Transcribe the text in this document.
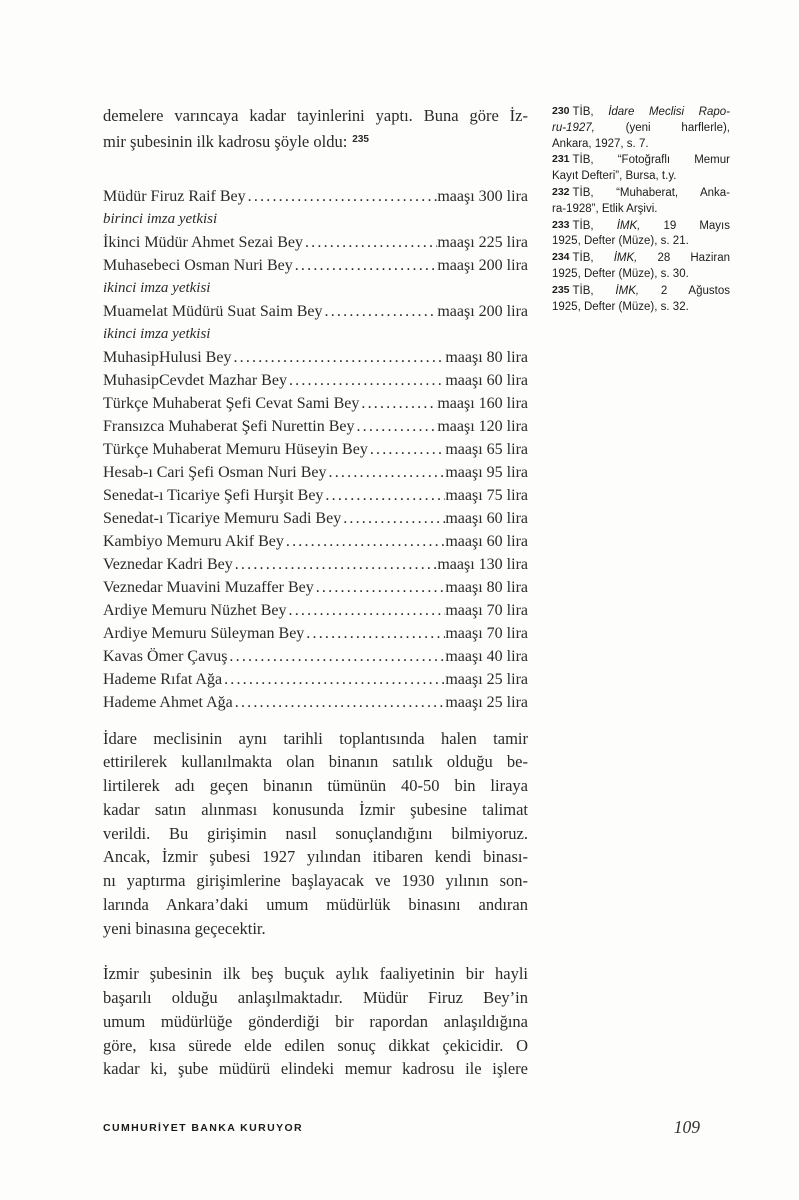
demelere varıncaya kadar tayinlerini yaptı. Buna göre İz-
mir şubesinin ilk kadrosu şöyle oldu: $^{235}$
Müdür Firuz Raif Bey .....	maaşı 300 lira
birinci imza yetkisi
İkinci Müdür Ahmet Sezai Bey .....	maaşı 225 lira
Muhasebeci Osman Nuri Bey .....	maaşı 200 lira
ikinci imza yetkisi
Muamelat Müdürü Suat Saim Bey .....	maaşı 200 lira
ikinci imza yetkisi
MuhasipHulusi Bey .....	maaşı 80 lira
MuhasipCevdet Mazhar Bey .....	maaşı 60 lira
Türkçe Muhaberat Şefi Cevat Sami Bey .....	maaşı 160 lira
Fransızca Muhaberat Şefi Nurettin Bey .....	maaşı 120 lira
Türkçe Muhaberat Memuru Hüseyin Bey .....	maaşı 65 lira
Hesab-ı Cari Şefi Osman Nuri Bey .....	maaşı 95 lira
Senedat-ı Ticariye Şefi Hurşit Bey .....	maaşı 75 lira
Senedat-ı Ticariye Memuru Sadi Bey .....	maaşı 60 lira
Kambiyo Memuru Akif Bey .....	maaşı 60 lira
Veznedar Kadri Bey .....	maaşı 130 lira
Veznedar Muavini Muzaffer Bey .....	maaşı 80 lira
Ardiye Memuru Nüzhet Bey .....	maaşı 70 lira
Ardiye Memuru Süleyman Bey .....	maaşı 70 lira
Kavas Ömer Çavuş .....	maaşı 40 lira
Hademe Rıfat Ağa .....	maaşı 25 lira
Hademe Ahmet Ağa .....	maaşı 25 lira
İdare meclisinin aynı tarihli toplantısında halen tamir
ettirilerek kullanılmakta olan binanın satılık olduğu be-
lirtilerek adı geçen binanın tümünün 40-50 bin liraya
kadar satın alınması konusunda İzmir şubesine talimat
verildi. Bu girişimin nasıl sonuçlandığını bilmiyoruz.
Ancak, İzmir şubesi 1927 yılından itibaren kendi binası-
nı yaptırma girişimlerine başlayacak ve 1930 yılının son-
larında Ankara’daki umum müdürlük binasını andıran
yeni binasına geçecektir.
İzmir şubesinin ilk beş buçuk aylık faaliyetinin bir hayli
başarılı olduğu anlaşılmaktadır. Müdür Firuz Bey’in
umum müdürlüğe gönderdiği bir rapordan anlaşıldığına
göre, kısa sürede elde edilen sonuç dikkat çekicidir. O
kadar ki, şube müdürü elindeki memur kadrosu ile işlere
230 TİB, İdare Meclisi Rapo-
ru-1927, (yeni harflerle),
Ankara, 1927, s. 7.
231 TİB, “Fotoğraflı Memur
Kayıt Defteri”, Bursa, t.y.
232 TİB, “Muhaberat, Anka-
ra-1928”, Etlik Arşivi.
233 TİB, İMK, 19 Mayıs
1925, Defter (Müze), s. 21.
234 TİB, İMK, 28 Haziran
1925, Defter (Müze), s. 30.
235 TİB, İMK, 2 Ağustos
1925, Defter (Müze), s. 32.
CUMHURİYET BANKA KURUYOR	109
